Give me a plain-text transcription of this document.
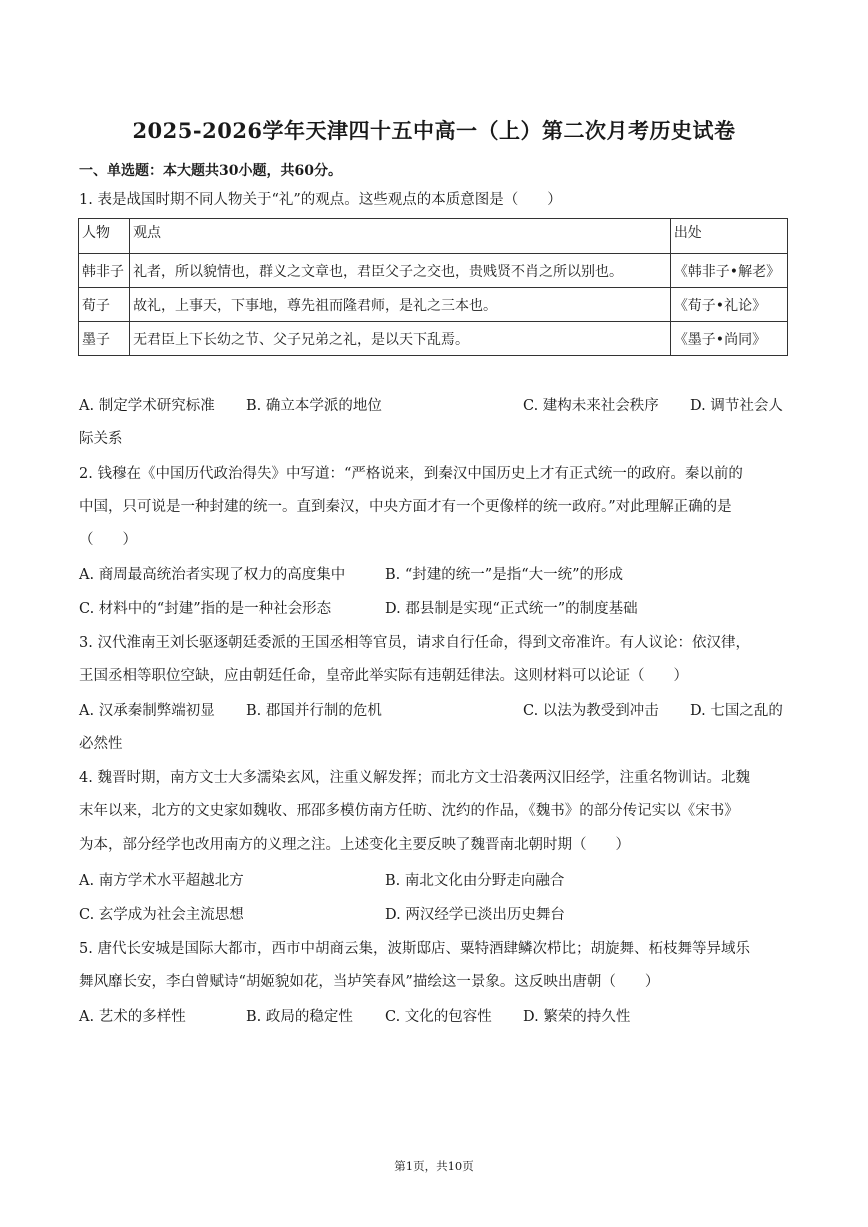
2025-2026学年天津四十五中高一（上）第二次月考历史试卷
一、单选题：本大题共30小题，共60分。
1. 表是战国时期不同人物关于“礼”的观点。这些观点的本质意图是（　　）
人物	观点	出处
韩非子	礼者，所以貌情也，群义之文章也，君臣父子之交也，贵贱贤不肖之所以别也。	《韩非子•解老》
荀子	故礼，上事天，下事地，尊先祖而隆君师，是礼之三本也。	《荀子•礼论》
墨子	无君臣上下长幼之节、父子兄弟之礼，是以天下乱焉。	《墨子•尚同》
A. 制定学术研究标准 B. 确立本学派的地位	C. 建构未来社会秩序 D. 调节社会人
际关系
2. 钱穆在《中国历代政治得失》中写道：“严格说来，到秦汉中国历史上才有正式统一的政府。秦以前的
中国，只可说是一种封建的统一。直到秦汉，中央方面才有一个更像样的统一政府。”对此理解正确的是
（　　）
A. 商周最高统治者实现了权力的高度集中	B. “封建的统一”是指“大一统”的形成
C. 材料中的“封建”指的是一种社会形态	D. 郡县制是实现“正式统一”的制度基础
3. 汉代淮南王刘长驱逐朝廷委派的王国丞相等官员，请求自行任命，得到文帝准许。有人议论：依汉律，
王国丞相等职位空缺，应由朝廷任命，皇帝此举实际有违朝廷律法。这则材料可以论证（　　）
A. 汉承秦制弊端初显 B. 郡国并行制的危机	C. 以法为教受到冲击 D. 七国之乱的
必然性
4. 魏晋时期，南方文士大多濡染玄风，注重义解发挥；而北方文士沿袭两汉旧经学，注重名物训诂。北魏
末年以来，北方的文史家如魏收、邢邵多模仿南方任昉、沈约的作品，《魏书》的部分传记实以《宋书》
为本，部分经学也改用南方的义理之注。上述变化主要反映了魏晋南北朝时期（　　）
A. 南方学术水平超越北方	B. 南北文化由分野走向融合
C. 玄学成为社会主流思想	D. 两汉经学已淡出历史舞台
5. 唐代长安城是国际大都市，西市中胡商云集，波斯邸店、粟特酒肆鳞次栉比；胡旋舞、柘枝舞等异域乐
舞风靡长安，李白曾赋诗“胡姬貌如花，当垆笑春风”描绘这一景象。这反映出唐朝（　　）
A. 艺术的多样性	B. 政局的稳定性 C. 文化的包容性 D. 繁荣的持久性
第1页，共10页
